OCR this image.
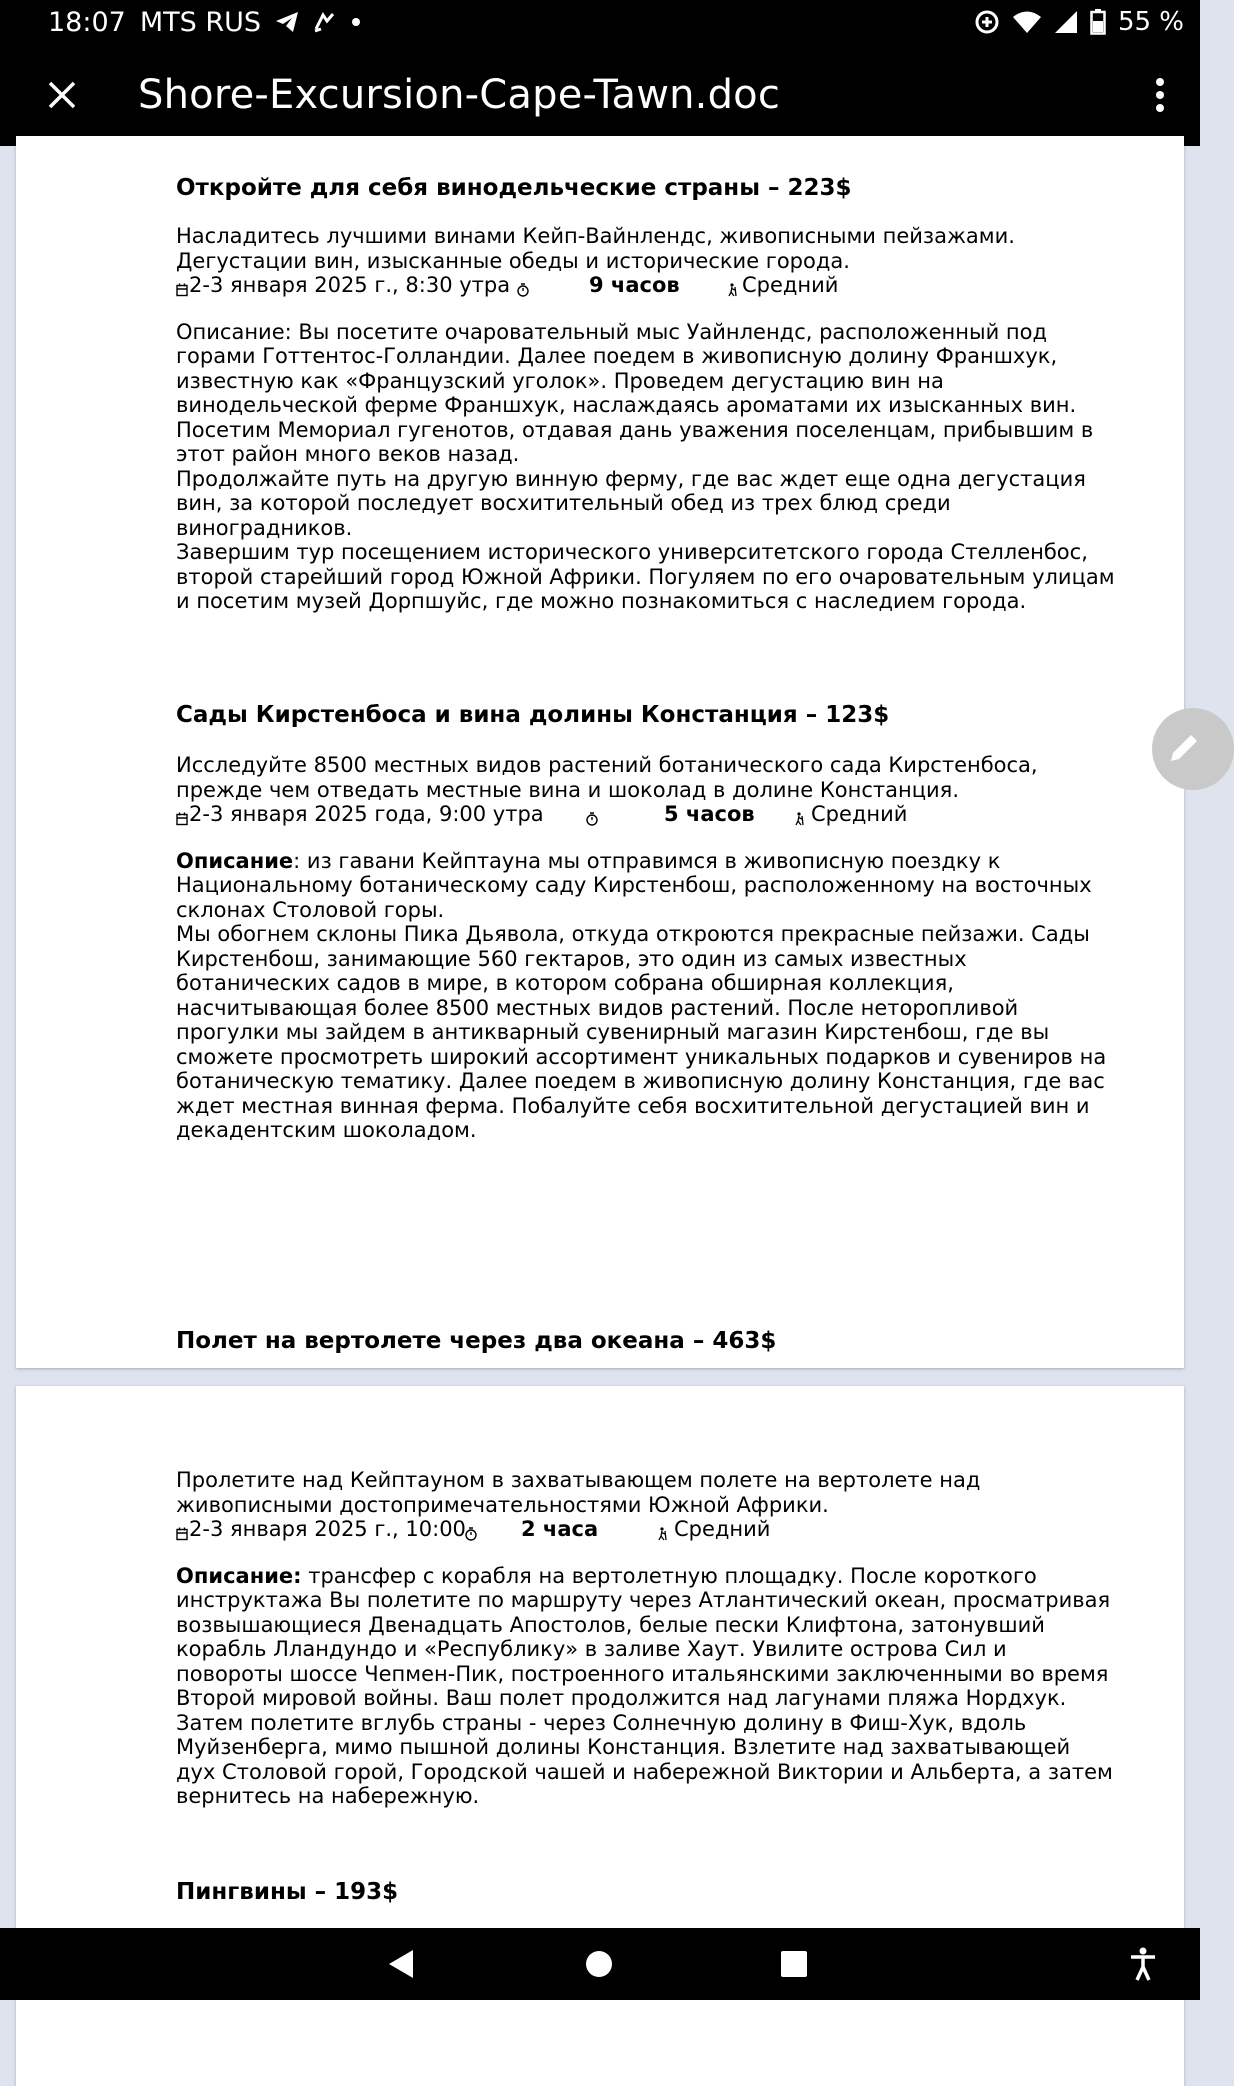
18:07 MTS RUS	55 %
Shore-Excursion-Cape-Tawn.doc
Откройте для себя винодельческие страны – 223$

Насладитесь лучшими винами Кейп-Вайнлендс, живописными пейзажами. Дегустации вин, изысканные обеды и исторические города.

2-3 января 2025 г., 8:30 утра	9 часов	Средний

Описание: Вы посетите очаровательный мыс Уайнлендс, расположенный под горами Готтентос-Голландии. Далее поедем в живописную долину Франшхук, известную как «Французский уголок». Проведем дегустацию вин на винодельческой ферме Франшхук, наслаждаясь ароматами их изысканных вин. Посетим Мемориал гугенотов, отдавая дань уважения поселенцам, прибывшим в этот район много веков назад.

Продолжайте путь на другую винную ферму, где вас ждет еще одна дегустация вин, за которой последует восхитительный обед из трех блюд среди виноградников.

Завершим тур посещением исторического университетского города Стелленбос, второй старейший город Южной Африки. Погуляем по его очаровательным улицам и посетим музей Дорпшуйс, где можно познакомиться с наследием города.

Сады Кирстенбоса и вина долины Констанция – 123$

Исследуйте 8500 местных видов растений ботанического сада Кирстенбоса, прежде чем отведать местные вина и шоколад в долине Констанция.

2-3 января 2025 года, 9:00 утра	5 часов	Средний

Описание: из гавани Кейптауна мы отправимся в живописную поездку к Национальному ботаническому саду Кирстенбош, расположенному на восточных склонах Столовой горы.

Мы обогнем склоны Пика Дьявола, откуда откроются прекрасные пейзажи. Сады Кирстенбош, занимающие 560 гектаров, это один из самых известных ботанических садов в мире, в котором собрана обширная коллекция, насчитывающая более 8500 местных видов растений. После неторопливой прогулки мы зайдем в антикварный сувенирный магазин Кирстенбош, где вы сможете просмотреть широкий ассортимент уникальных подарков и сувениров на ботаническую тематику. Далее поедем в живописную долину Констанция, где вас ждет местная винная ферма. Побалуйте себя восхитительной дегустацией вин и декадентским шоколадом.

Полет на вертолете через два океана – 463$

Пролетите над Кейптауном в захватывающем полете на вертолете над живописными достопримечательностями Южной Африки.

2-3 января 2025 г., 10:00	2 часа	Средний

Описание: трансфер с корабля на вертолетную площадку. После короткого инструктажа Вы полетите по маршруту через Атлантический океан, просматривая возвышающиеся Двенадцать Апостолов, белые пески Клифтона, затонувший корабль Лландундо и «Республику» в заливе Хаут. Увилите острова Сил и повороты шоссе Чепмен-Пик, построенного итальянскими заключенными во время Второй мировой войны. Ваш полет продолжится над лагунами пляжа Нордхук. Затем полетите вглубь страны - через Солнечную долину в Фиш-Хук, вдоль Муйзенберга, мимо пышной долины Констанция. Взлетите над захватывающей дух Столовой горой, Городской чашей и набережной Виктории и Альберта, а затем вернитесь на набережную.

Пингвины – 193$
